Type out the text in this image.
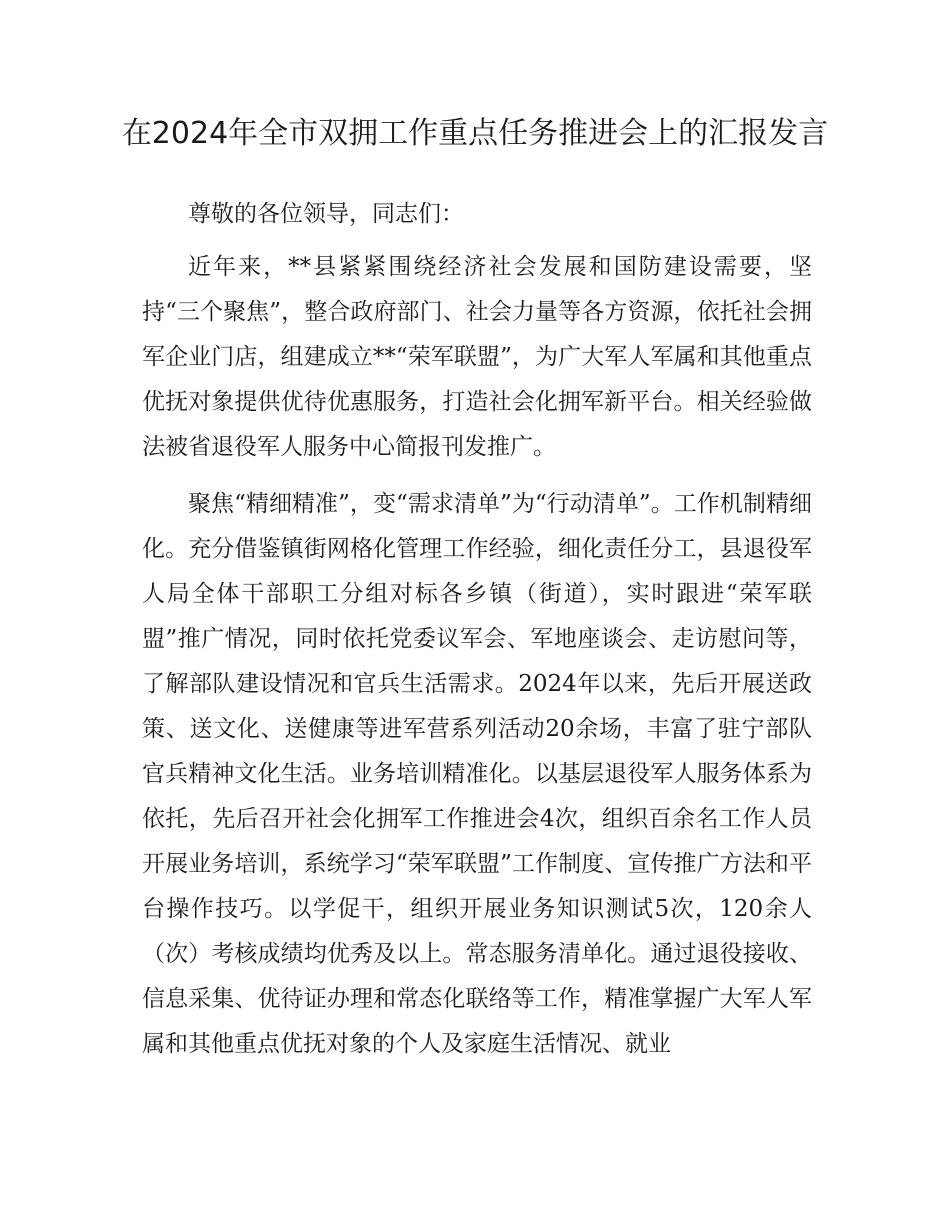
在2024年全市双拥工作重点任务推进会上的汇报发言

尊敬的各位领导，同志们：

近年来，**县紧紧围绕经济社会发展和国防建设需要，坚持“三个聚焦”，整合政府部门、社会力量等各方资源，依托社会拥军企业门店，组建成立**“荣军联盟”，为广大军人军属和其他重点优抚对象提供优待优惠服务，打造社会化拥军新平台。相关经验做法被省退役军人服务中心简报刊发推广。

聚焦“精细精准”，变“需求清单”为“行动清单”。工作机制精细化。充分借鉴镇街网格化管理工作经验，细化责任分工，县退役军人局全体干部职工分组对标各乡镇（街道），实时跟进“荣军联盟”推广情况，同时依托党委议军会、军地座谈会、走访慰问等，了解部队建设情况和官兵生活需求。2024年以来，先后开展送政策、送文化、送健康等进军营系列活动20余场，丰富了驻宁部队官兵精神文化生活。业务培训精准化。以基层退役军人服务体系为依托，先后召开社会化拥军工作推进会4次，组织百余名工作人员开展业务培训，系统学习“荣军联盟”工作制度、宣传推广方法和平台操作技巧。以学促干，组织开展业务知识测试5次，120余人（次）考核成绩均优秀及以上。常态服务清单化。通过退役接收、信息采集、优待证办理和常态化联络等工作，精准掌握广大军人军属和其他重点优抚对象的个人及家庭生活情况、就业
